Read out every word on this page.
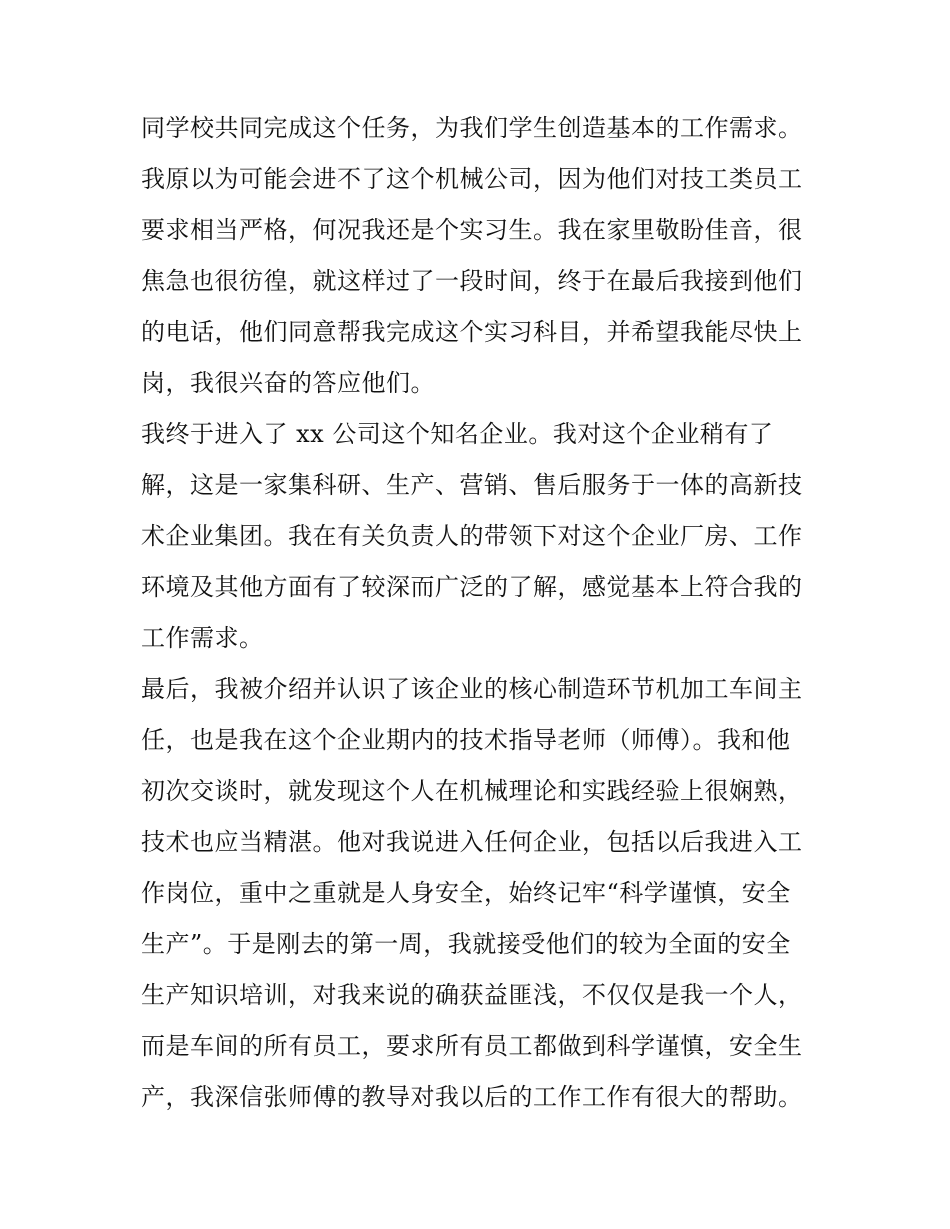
同学校共同完成这个任务，为我们学生创造基本的工作需求。
我原以为可能会进不了这个机械公司，因为他们对技工类员工
要求相当严格，何况我还是个实习生。我在家里敬盼佳音，很
焦急也很彷徨，就这样过了一段时间，终于在最后我接到他们
的电话，他们同意帮我完成这个实习科目，并希望我能尽快上
岗，我很兴奋的答应他们。
我终于进入了 xx 公司这个知名企业。我对这个企业稍有了
解，这是一家集科研、生产、营销、售后服务于一体的高新技
术企业集团。我在有关负责人的带领下对这个企业厂房、工作
环境及其他方面有了较深而广泛的了解，感觉基本上符合我的
工作需求。
最后，我被介绍并认识了该企业的核心制造环节机加工车间主
任，也是我在这个企业期内的技术指导老师（师傅）。我和他
初次交谈时，就发现这个人在机械理论和实践经验上很娴熟，
技术也应当精湛。他对我说进入任何企业，包括以后我进入工
作岗位，重中之重就是人身安全，始终记牢“科学谨慎，安全
生产”。于是刚去的第一周，我就接受他们的较为全面的安全
生产知识培训，对我来说的确获益匪浅，不仅仅是我一个人，
而是车间的所有员工，要求所有员工都做到科学谨慎，安全生
产，我深信张师傅的教导对我以后的工作工作有很大的帮助。
